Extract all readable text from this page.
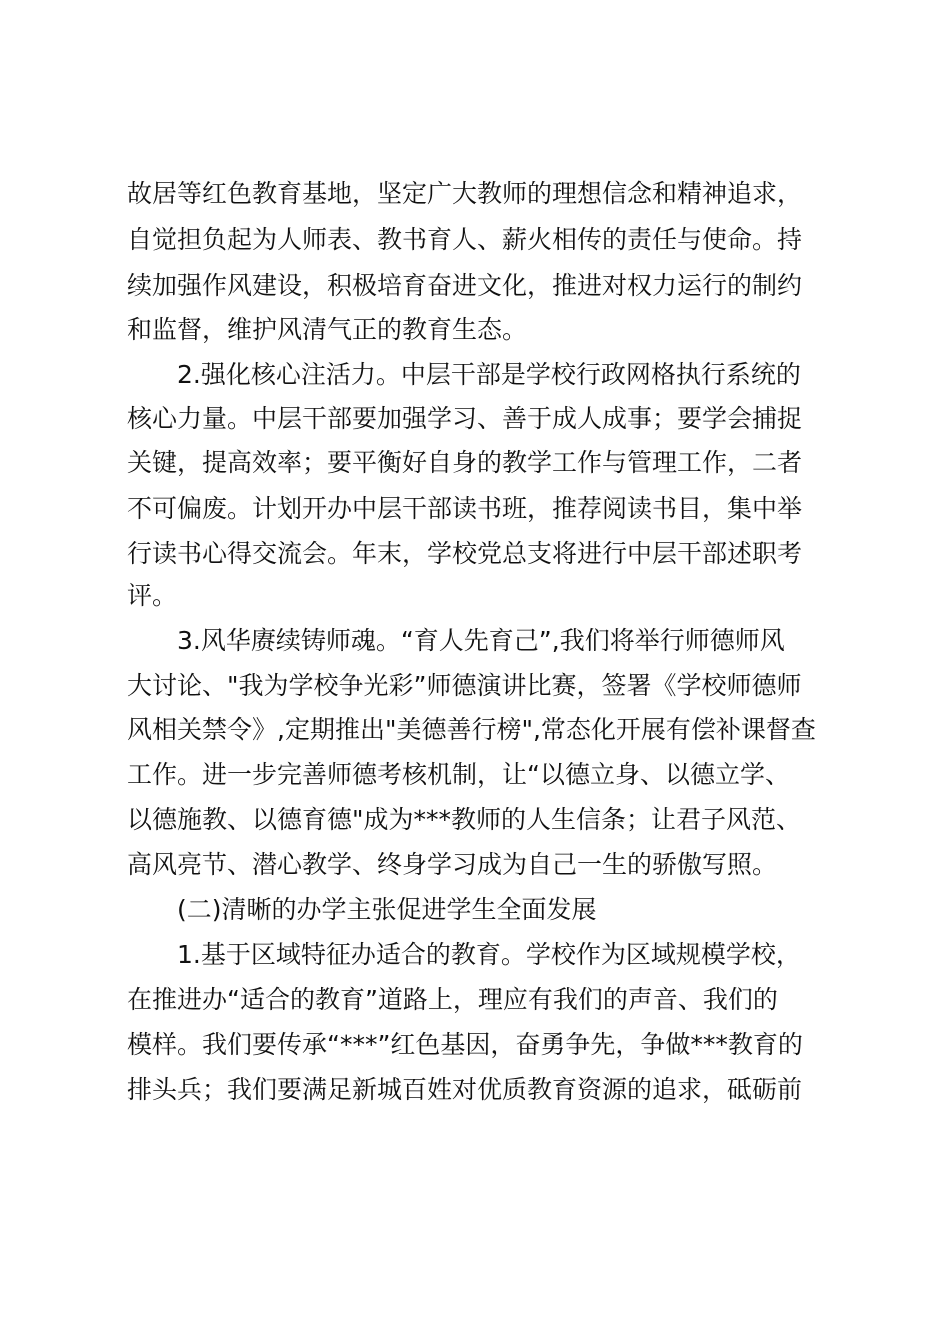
故居等红色教育基地，坚定广大教师的理想信念和精神追求，
自觉担负起为人师表、教书育人、薪火相传的责任与使命。持
续加强作风建设，积极培育奋进文化，推进对权力运行的制约
和监督，维护风清气正的教育生态。
2.强化核心注活力。中层干部是学校行政网格执行系统的
核心力量。中层干部要加强学习、善于成人成事；要学会捕捉
关键，提高效率；要平衡好自身的教学工作与管理工作，二者
不可偏废。计划开办中层干部读书班，推荐阅读书目，集中举
行读书心得交流会。年末，学校党总支将进行中层干部述职考
评。
3.风华赓续铸师魂。“育人先育己”,我们将举行师德师风
大讨论、"我为学校争光彩”师德演讲比赛，签署《学校师德师
风相关禁令》,定期推出"美德善行榜",常态化开展有偿补课督查
工作。进一步完善师德考核机制，让“以德立身、以德立学、
以德施教、以德育德"成为***教师的人生信条；让君子风范、
高风亮节、潜心教学、终身学习成为自己一生的骄傲写照。
(二)清晰的办学主张促进学生全面发展
1.基于区域特征办适合的教育。学校作为区域规模学校，
在推进办“适合的教育”道路上，理应有我们的声音、我们的
模样。我们要传承“***”红色基因，奋勇争先，争做***教育的
排头兵；我们要满足新城百姓对优质教育资源的追求，砥砺前
